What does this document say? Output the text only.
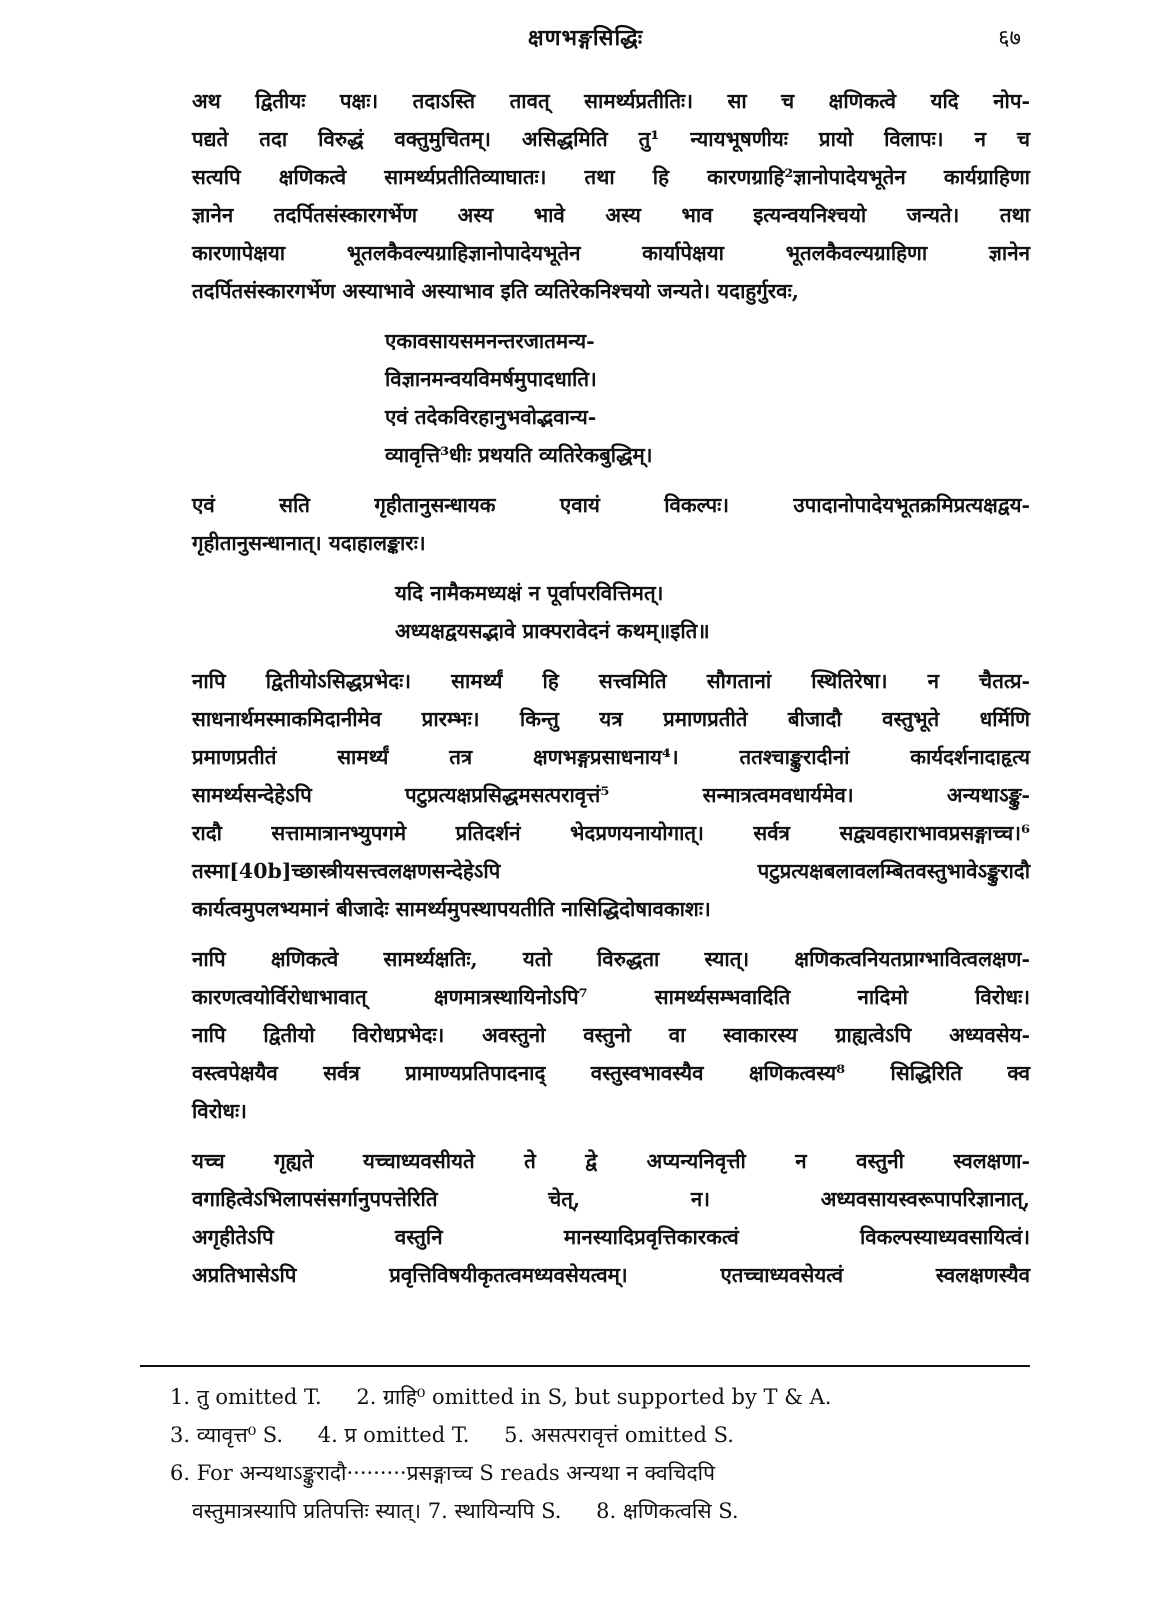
क्षणभङ्गसिद्धिः	६७

अथ द्वितीयः पक्षः। तदाऽस्ति तावत् सामर्थ्यप्रतीतिः। सा च क्षणिकत्वे यदि नोप-
पद्यते तदा विरुद्धं वक्तुमुचितम्। असिद्धमिति तु¹ न्यायभूषणीयः प्रायो विलापः। न च
सत्यपि क्षणिकत्वे सामर्थ्यप्रतीतिव्याघातः। तथा हि कारणग्राहि²ज्ञानोपादेयभूतेन कार्यग्राहिणा
ज्ञानेन तदर्पितसंस्कारगर्भेण अस्य भावे अस्य भाव इत्यन्वयनिश्चयो जन्यते। तथा
कारणापेक्षया भूतलकैवल्यग्राहिज्ञानोपादेयभूतेन कार्यापेक्षया भूतलकैवल्यग्राहिणा ज्ञानेन
तदर्पितसंस्कारगर्भेण अस्याभावे अस्याभाव इति व्यतिरेकनिश्चयो जन्यते। यदाहुर्गुरवः,

एकावसायसमनन्तरजातमन्य-
विज्ञानमन्वयविमर्षमुपादधाति।
एवं तदेकविरहानुभवोद्भवान्य-
व्यावृत्ति³धीः प्रथयति व्यतिरेकबुद्धिम्।

एवं सति गृहीतानुसन्धायक एवायं विकल्पः। उपादानोपादेयभूतक्रमिप्रत्यक्षद्वय-
गृहीतानुसन्धानात्। यदाहालङ्कारः।

यदि नामैकमध्यक्षं न पूर्वापरवित्तिमत्।
अध्यक्षद्वयसद्भावे प्राक्परावेदनं कथम्॥इति॥

नापि द्वितीयोऽसिद्धप्रभेदः। सामर्थ्यं हि सत्त्वमिति सौगतानां स्थितिरेषा। न चैतत्प्र-
साधनार्थमस्माकमिदानीमेव प्रारम्भः। किन्तु यत्र प्रमाणप्रतीते बीजादौ वस्तुभूते धर्मिणि
प्रमाणप्रतीतं सामर्थ्यं तत्र क्षणभङ्गप्रसाधनाय⁴। ततश्चाङ्कुरादीनां कार्यदर्शनादाहृत्य
सामर्थ्यसन्देहेऽपि पटुप्रत्यक्षप्रसिद्धमसत्परावृत्तं⁵ सन्मात्रत्वमवधार्यमेव। अन्यथाऽङ्कु-
रादौ सत्तामात्रानभ्युपगमे प्रतिदर्शनं भेदप्रणयनायोगात्। सर्वत्र सद्व्यवहाराभावप्रसङ्गाच्च।⁶
तस्मा[40b]च्छास्त्रीयसत्त्वलक्षणसन्देहेऽपि पटुप्रत्यक्षबलावलम्बितवस्तुभावेऽङ्कुरादौ
कार्यत्वमुपलभ्यमानं बीजादेः सामर्थ्यमुपस्थापयतीति नासिद्धिदोषावकाशः।

नापि क्षणिकत्वे सामर्थ्यक्षतिः, यतो विरुद्धता स्यात्। क्षणिकत्वनियतप्राग्भावित्वलक्षण-
कारणत्वयोर्विरोधाभावात् क्षणमात्रस्थायिनोऽपि⁷ सामर्थ्यसम्भवादिति नादिमो विरोधः।
नापि द्वितीयो विरोधप्रभेदः। अवस्तुनो वस्तुनो वा स्वाकारस्य ग्राह्यत्वेऽपि अध्यवसेय-
वस्त्वपेक्षयैव सर्वत्र प्रामाण्यप्रतिपादनाद् वस्तुस्वभावस्यैव क्षणिकत्वस्य⁸ सिद्धिरिति क्व
विरोधः।

यच्च गृह्यते यच्चाध्यवसीयते ते द्वे अप्यन्यनिवृत्ती न वस्तुनी स्वलक्षणा-
वगाहित्वेऽभिलापसंसर्गानुपपत्तेरिति चेत्, न। अध्यवसायस्वरूपापरिज्ञानात्,
अगृहीतेऽपि वस्तुनि मानस्यादिप्रवृत्तिकारकत्वं विकल्पस्याध्यवसायित्वं।
अप्रतिभासेऽपि प्रवृत्तिविषयीकृतत्वमध्यवसेयत्वम्। एतच्चाध्यवसेयत्वं स्वलक्षणस्यैव

1. तु omitted T. 2. ग्राहि⁰ omitted in S, but supported by T & A.
3. व्यावृत्त⁰ S. 4. प्र omitted T. 5. असत्परावृत्तं omitted S.
6. For अन्यथाऽङ्कुरादौ·········प्रसङ्गाच्च S reads अन्यथा न क्वचिदपि
वस्तुमात्रस्यापि प्रतिपत्तिः स्यात्। 7. स्थायिन्यपि S. 8. क्षणिकत्वसि S.
